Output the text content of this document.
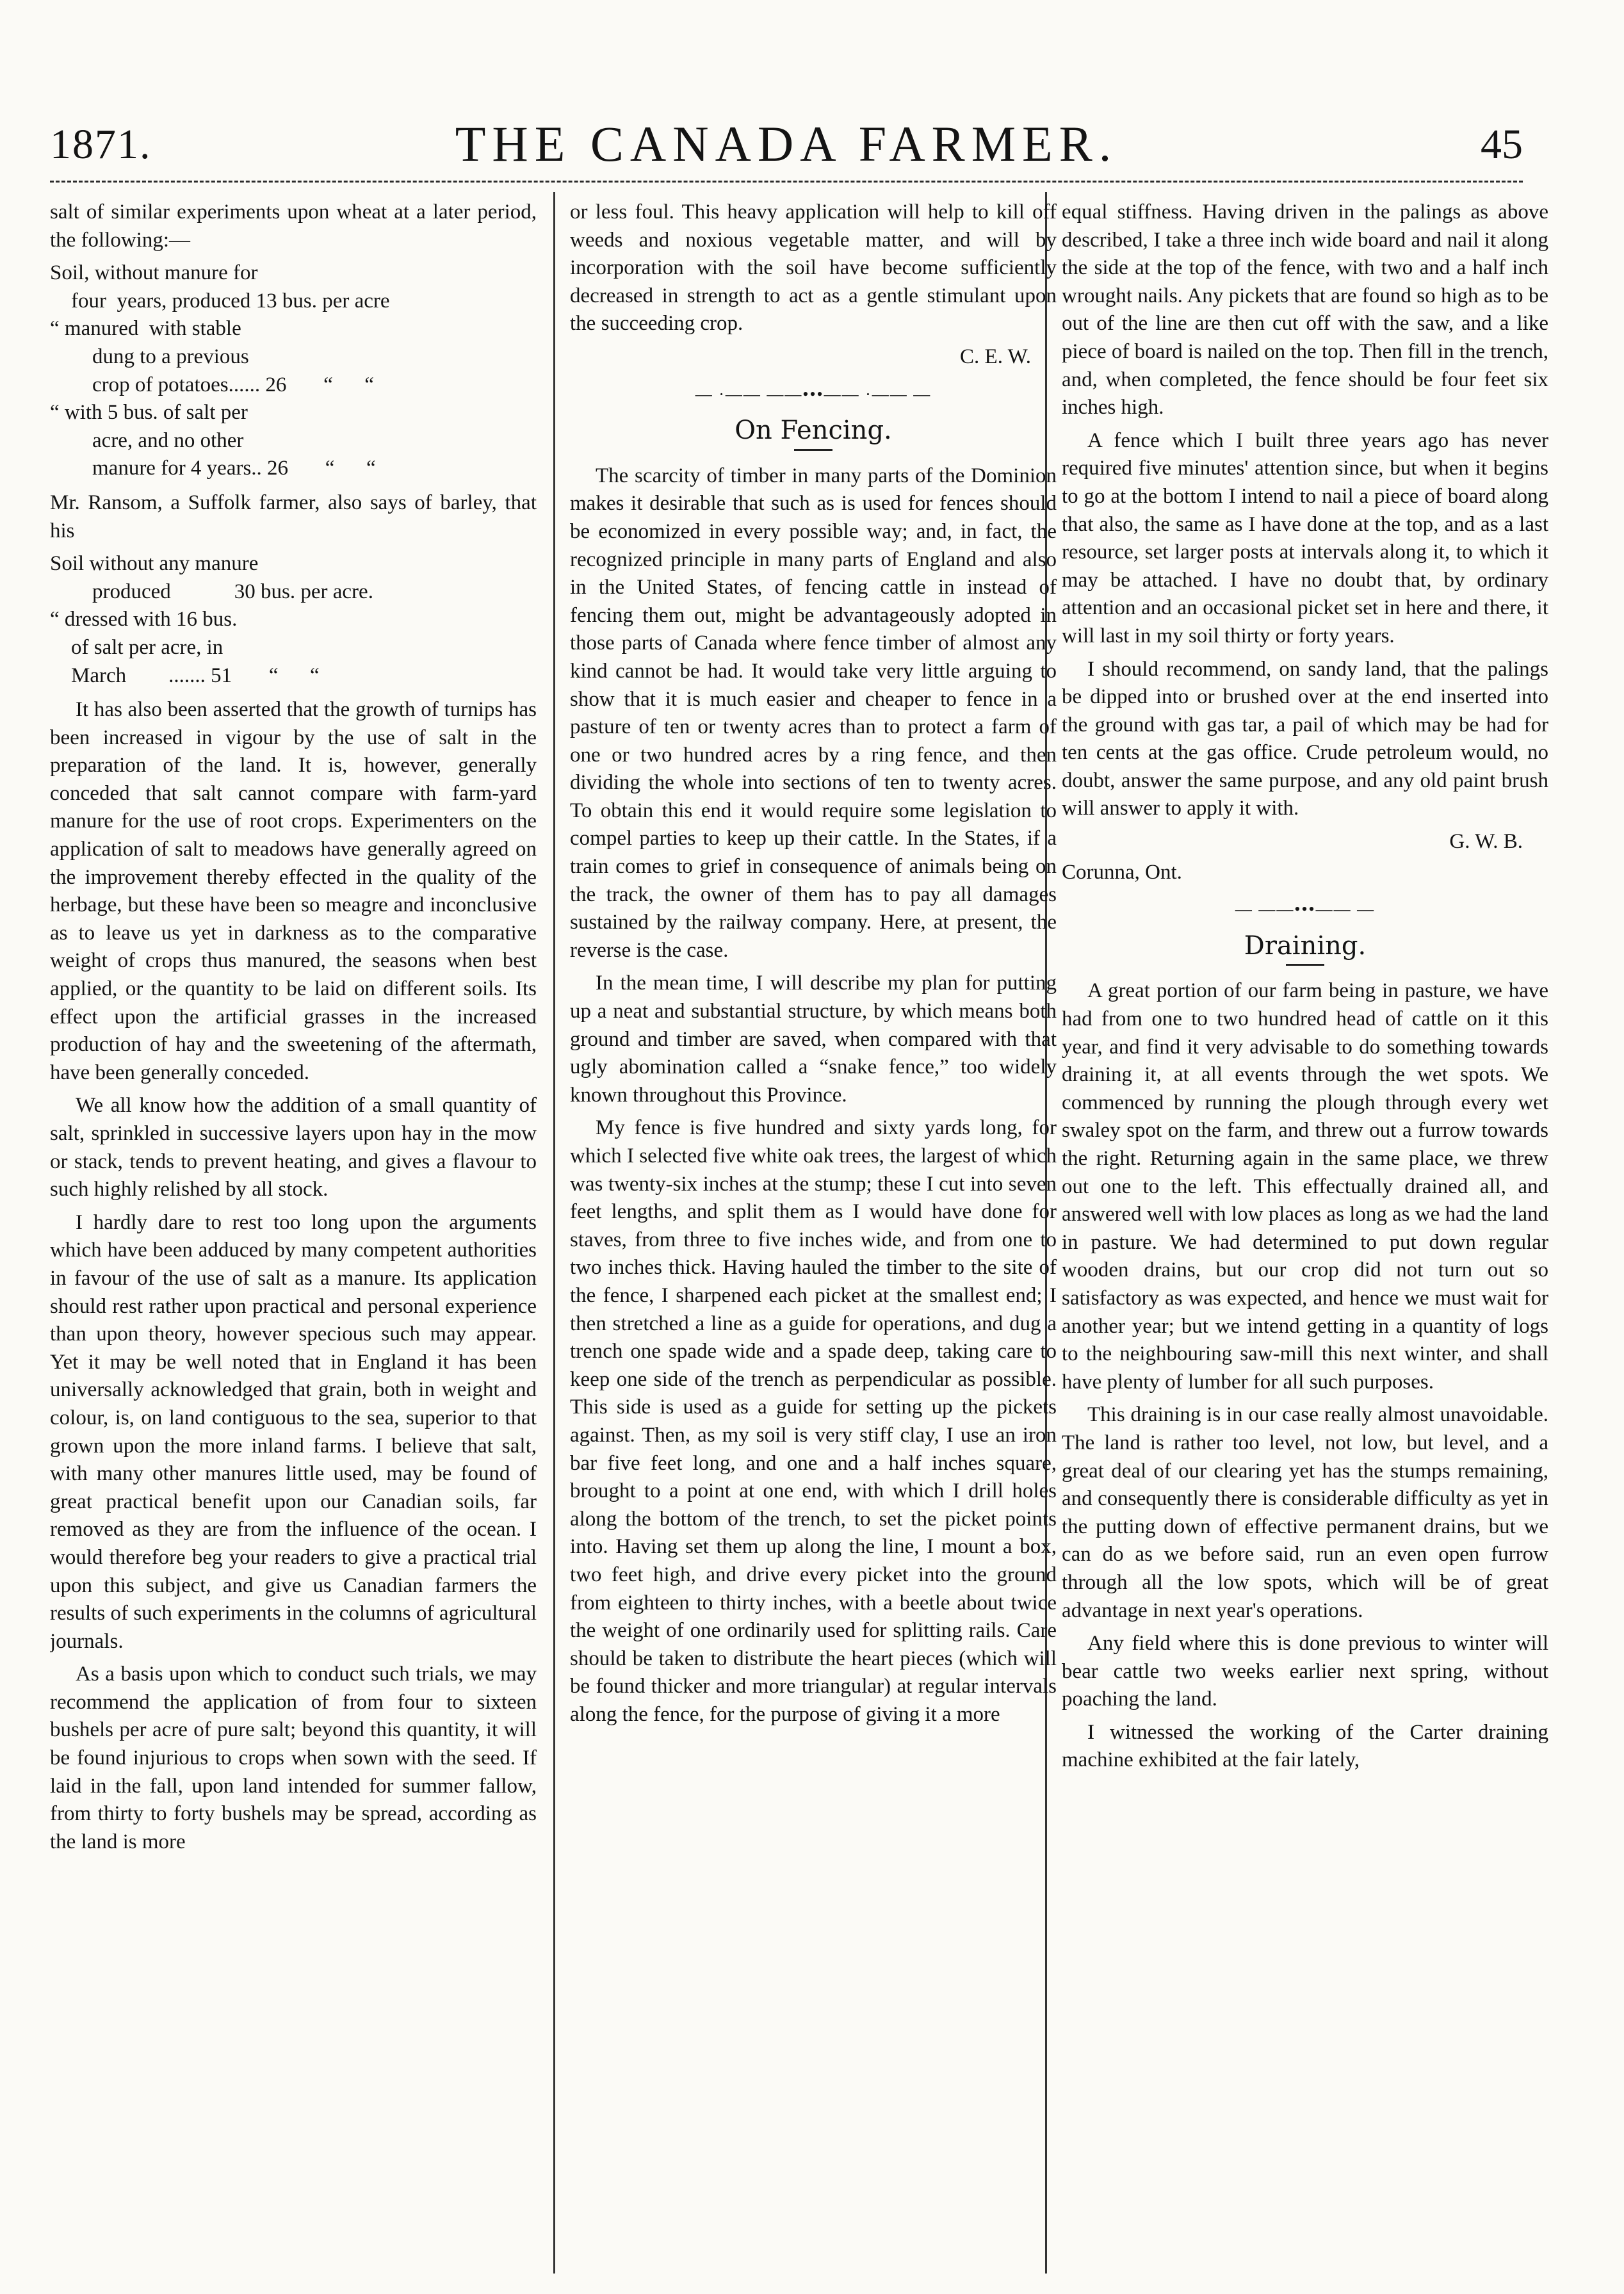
1871.	THE CANADA FARMER.	45

salt of similar experiments upon wheat at a later period, the following:—

Soil, without manure for
four  years, produced 13 bus. per acre
“ manured  with stable
dung to a previous
crop of potatoes...... 26       “      “
“ with 5 bus. of salt per
acre, and no other
manure for 4 years.. 26       “      “

Mr. Ransom, a Suffolk farmer, also says of barley, that his

Soil without any manure
produced            30 bus. per acre.
“ dressed with 16 bus.
of salt per acre, in
March        ....... 51       “      “

It has also been asserted that the growth of turnips has been increased in vigour by the use of salt in the preparation of the land. It is, however, generally conceded that salt cannot compare with farm-yard manure for the use of root crops. Experimenters on the application of salt to meadows have generally agreed on the improvement thereby effected in the quality of the herbage, but these have been so meagre and inconclusive as to leave us yet in darkness as to the comparative weight of crops thus manured, the seasons when best applied, or the quantity to be laid on different soils. Its effect upon the artificial grasses in the increased production of hay and the sweetening of the aftermath, have been generally conceded.

We all know how the addition of a small quantity of salt, sprinkled in successive layers upon hay in the mow or stack, tends to prevent heating, and gives a flavour to such highly relished by all stock.

I hardly dare to rest too long upon the arguments which have been adduced by many competent authorities in favour of the use of salt as a manure. Its application should rest rather upon practical and personal experience than upon theory, however specious such may appear. Yet it may be well noted that in England it has been universally acknowledged that grain, both in weight and colour, is, on land contiguous to the sea, superior to that grown upon the more inland farms. I believe that salt, with many other manures little used, may be found of great practical benefit upon our Canadian soils, far removed as they are from the influence of the ocean. I would therefore beg your readers to give a practical trial upon this subject, and give us Canadian farmers the results of such experiments in the columns of agricultural journals.

As a basis upon which to conduct such trials, we may recommend the application of from four to sixteen bushels per acre of pure salt; beyond this quantity, it will be found injurious to crops when sown with the seed. If laid in the fall, upon land intended for summer fallow, from thirty to forty bushels may be spread, according as the land is more

or less foul. This heavy application will help to kill off weeds and noxious vegetable matter, and will by incorporation with the soil have become sufficiently decreased in strength to act as a gentle stimulant upon the succeeding crop.

C. E. W.
— ·—— ——•••—— ·—— —
On Fencing.

The scarcity of timber in many parts of the Dominion makes it desirable that such as is used for fences should be economized in every possible way; and, in fact, the recognized principle in many parts of England and also in the United States, of fencing cattle in instead of fencing them out, might be advantageously adopted in those parts of Canada where fence timber of almost any kind cannot be had. It would take very little arguing to show that it is much easier and cheaper to fence in a pasture of ten or twenty acres than to protect a farm of one or two hundred acres by a ring fence, and then dividing the whole into sections of ten to twenty acres. To obtain this end it would require some legislation to compel parties to keep up their cattle. In the States, if a train comes to grief in consequence of animals being on the track, the owner of them has to pay all damages sustained by the railway company. Here, at present, the reverse is the case.

In the mean time, I will describe my plan for putting up a neat and substantial structure, by which means both ground and timber are saved, when compared with that ugly abomination called a “snake fence,” too widely known throughout this Province.

My fence is five hundred and sixty yards long, for which I selected five white oak trees, the largest of which was twenty-six inches at the stump; these I cut into seven feet lengths, and split them as I would have done for staves, from three to five inches wide, and from one to two inches thick. Having hauled the timber to the site of the fence, I sharpened each picket at the smallest end; I then stretched a line as a guide for operations, and dug a trench one spade wide and a spade deep, taking care to keep one side of the trench as perpendicular as possible. This side is used as a guide for setting up the pickets against. Then, as my soil is very stiff clay, I use an iron bar five feet long, and one and a half inches square, brought to a point at one end, with which I drill holes along the bottom of the trench, to set the picket points into. Having set them up along the line, I mount a box, two feet high, and drive every picket into the ground from eighteen to thirty inches, with a beetle about twice the weight of one ordinarily used for splitting rails. Care should be taken to distribute the heart pieces (which will be found thicker and more triangular) at regular intervals along the fence, for the purpose of giving it a more

equal stiffness. Having driven in the palings as above described, I take a three inch wide board and nail it along the side at the top of the fence, with two and a half inch wrought nails. Any pickets that are found so high as to be out of the line are then cut off with the saw, and a like piece of board is nailed on the top. Then fill in the trench, and, when completed, the fence should be four feet six inches high.

A fence which I built three years ago has never required five minutes' attention since, but when it begins to go at the bottom I intend to nail a piece of board along that also, the same as I have done at the top, and as a last resource, set larger posts at intervals along it, to which it may be attached. I have no doubt that, by ordinary attention and an occasional picket set in here and there, it will last in my soil thirty or forty years.

I should recommend, on sandy land, that the palings be dipped into or brushed over at the end inserted into the ground with gas tar, a pail of which may be had for ten cents at the gas office. Crude petroleum would, no doubt, answer the same purpose, and any old paint brush will answer to apply it with.

G. W. B.
Corunna, Ont.
— ——•••—— —
Draining.

A great portion of our farm being in pasture, we have had from one to two hundred head of cattle on it this year, and find it very advisable to do something towards draining it, at all events through the wet spots. We commenced by running the plough through every wet swaley spot on the farm, and threw out a furrow towards the right. Returning again in the same place, we threw out one to the left. This effectually drained all, and answered well with low places as long as we had the land in pasture. We had determined to put down regular wooden drains, but our crop did not turn out so satisfactory as was expected, and hence we must wait for another year; but we intend getting in a quantity of logs to the neighbouring saw-mill this next winter, and shall have plenty of lumber for all such purposes.

This draining is in our case really almost unavoidable. The land is rather too level, not low, but level, and a great deal of our clearing yet has the stumps remaining, and consequently there is considerable difficulty as yet in the putting down of effective permanent drains, but we can do as we before said, run an even open furrow through all the low spots, which will be of great advantage in next year's operations.

Any field where this is done previous to winter will bear cattle two weeks earlier next spring, without poaching the land.

I witnessed the working of the Carter draining machine exhibited at the fair lately,
